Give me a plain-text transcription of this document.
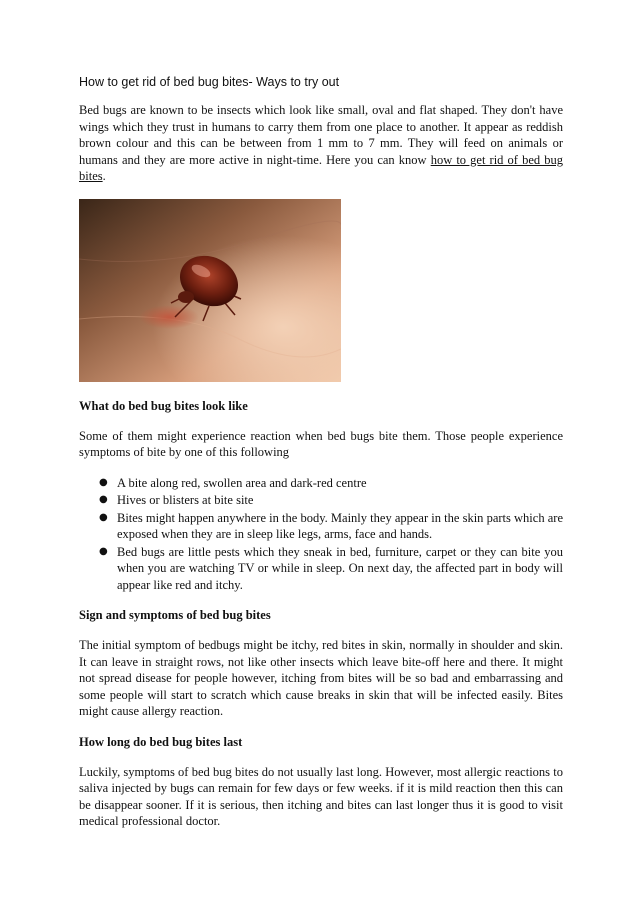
How to get rid of bed bug bites- Ways to try out

Bed bugs are known to be insects which look like small, oval and flat shaped. They don't have wings which they trust in humans to carry them from one place to another. It appear as reddish brown colour and this can be between from 1 mm to 7 mm. They will feed on animals or humans and they are more active in night-time. Here you can know how to get rid of bed bug bites.

What do bed bug bites look like

Some of them might experience reaction when bed bugs bite them. Those people experience symptoms of bite by one of this following

● A bite along red, swollen area and dark-red centre
● Hives or blisters at bite site
● Bites might happen anywhere in the body. Mainly they appear in the skin parts which are exposed when they are in sleep like legs, arms, face and hands.
● Bed bugs are little pests which they sneak in bed, furniture, carpet or they can bite you when you are watching TV or while in sleep. On next day, the affected part in body will appear like red and itchy.
Sign and symptoms of bed bug bites

The initial symptom of bedbugs might be itchy, red bites in skin, normally in shoulder and skin. It can leave in straight rows, not like other insects which leave bite-off here and there. It might not spread disease for people however, itching from bites will be so bad and embarrassing and some people will start to scratch which cause breaks in skin that will be infected easily. Bites might cause allergy reaction.

How long do bed bug bites last

Luckily, symptoms of bed bug bites do not usually last long. However, most allergic reactions to saliva injected by bugs can remain for few days or few weeks. if it is mild reaction then this can be disappear sooner. If it is serious, then itching and bites can last longer thus it is good to visit medical professional doctor.
